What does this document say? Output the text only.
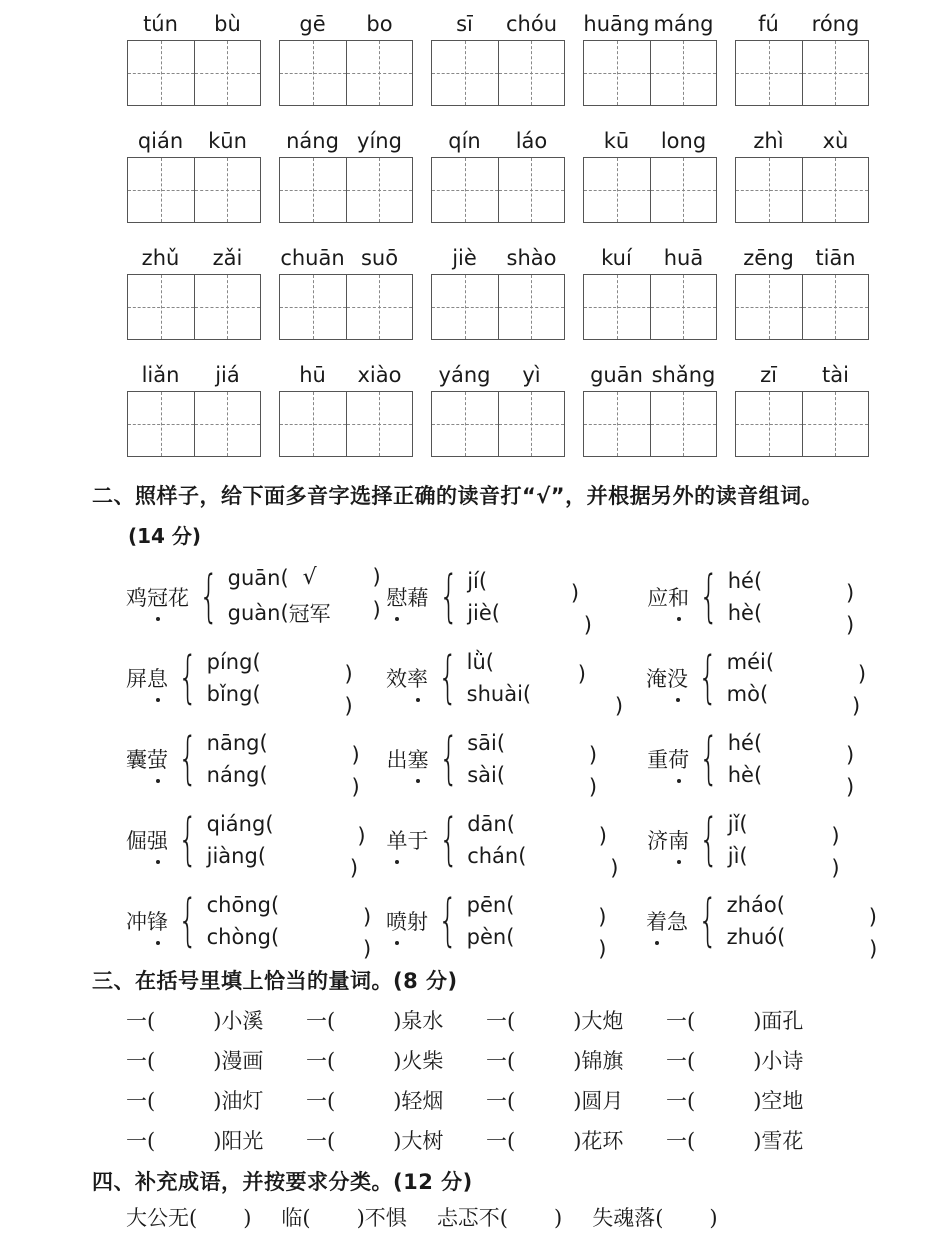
tún	bù	gē	bo	sī	chóu	huāng máng	fú	róng
qián	kūn	náng yíng	qín	láo	kū	long	zhì	xù
zhǔ	zǎi	chuān suō	jiè	shào	kuí	huā	zēng	tiān
liǎn	jiá	hū	xiào	yáng	yì	guān shǎng	zī	tài
二、照样子，给下面多音字选择正确的读音打“√”，并根据另外的读音组词。
(14 分)
鸡冠花 { guān( √	)
guàn( 冠军 )
慰藉 { jí(	)
jiè(	)
应和 { hé(	)
hè(	)
屏息 { píng(	)
bǐng(	)
效率 { lǜ(	)
shuài(	)
淹没 { méi(	)
mò(	)
囊萤 { nāng(	)
náng(	)
出塞 { sāi(	)
sài(	)
重荷 { hé(	)
hè(	)
倔强 { qiáng(	)
jiàng(	)
单于 { dān(	)
chán(	)
济南 { jǐ(	)
jì(	)
冲锋 { chōng(	)
chòng(	)
喷射 { pēn(	)
pèn(	)
着急 { zháo(	)
zhuó(	)
三、在括号里填上恰当的量词。(8 分)
一(	)小溪	一(	)泉水	一(	)大炮	一(	)面孔
一(	)漫画	一(	)火柴	一(	)锦旗	一(	)小诗
一(	)油灯	一(	)轻烟	一(	)圆月	一(	)空地
一(	)阳光	一(	)大树	一(	)花环	一(	)雪花
四、补充成语，并按要求分类。(12 分)
大公无( ) 临( )不惧 忐忑不( ) 失魂落( )
